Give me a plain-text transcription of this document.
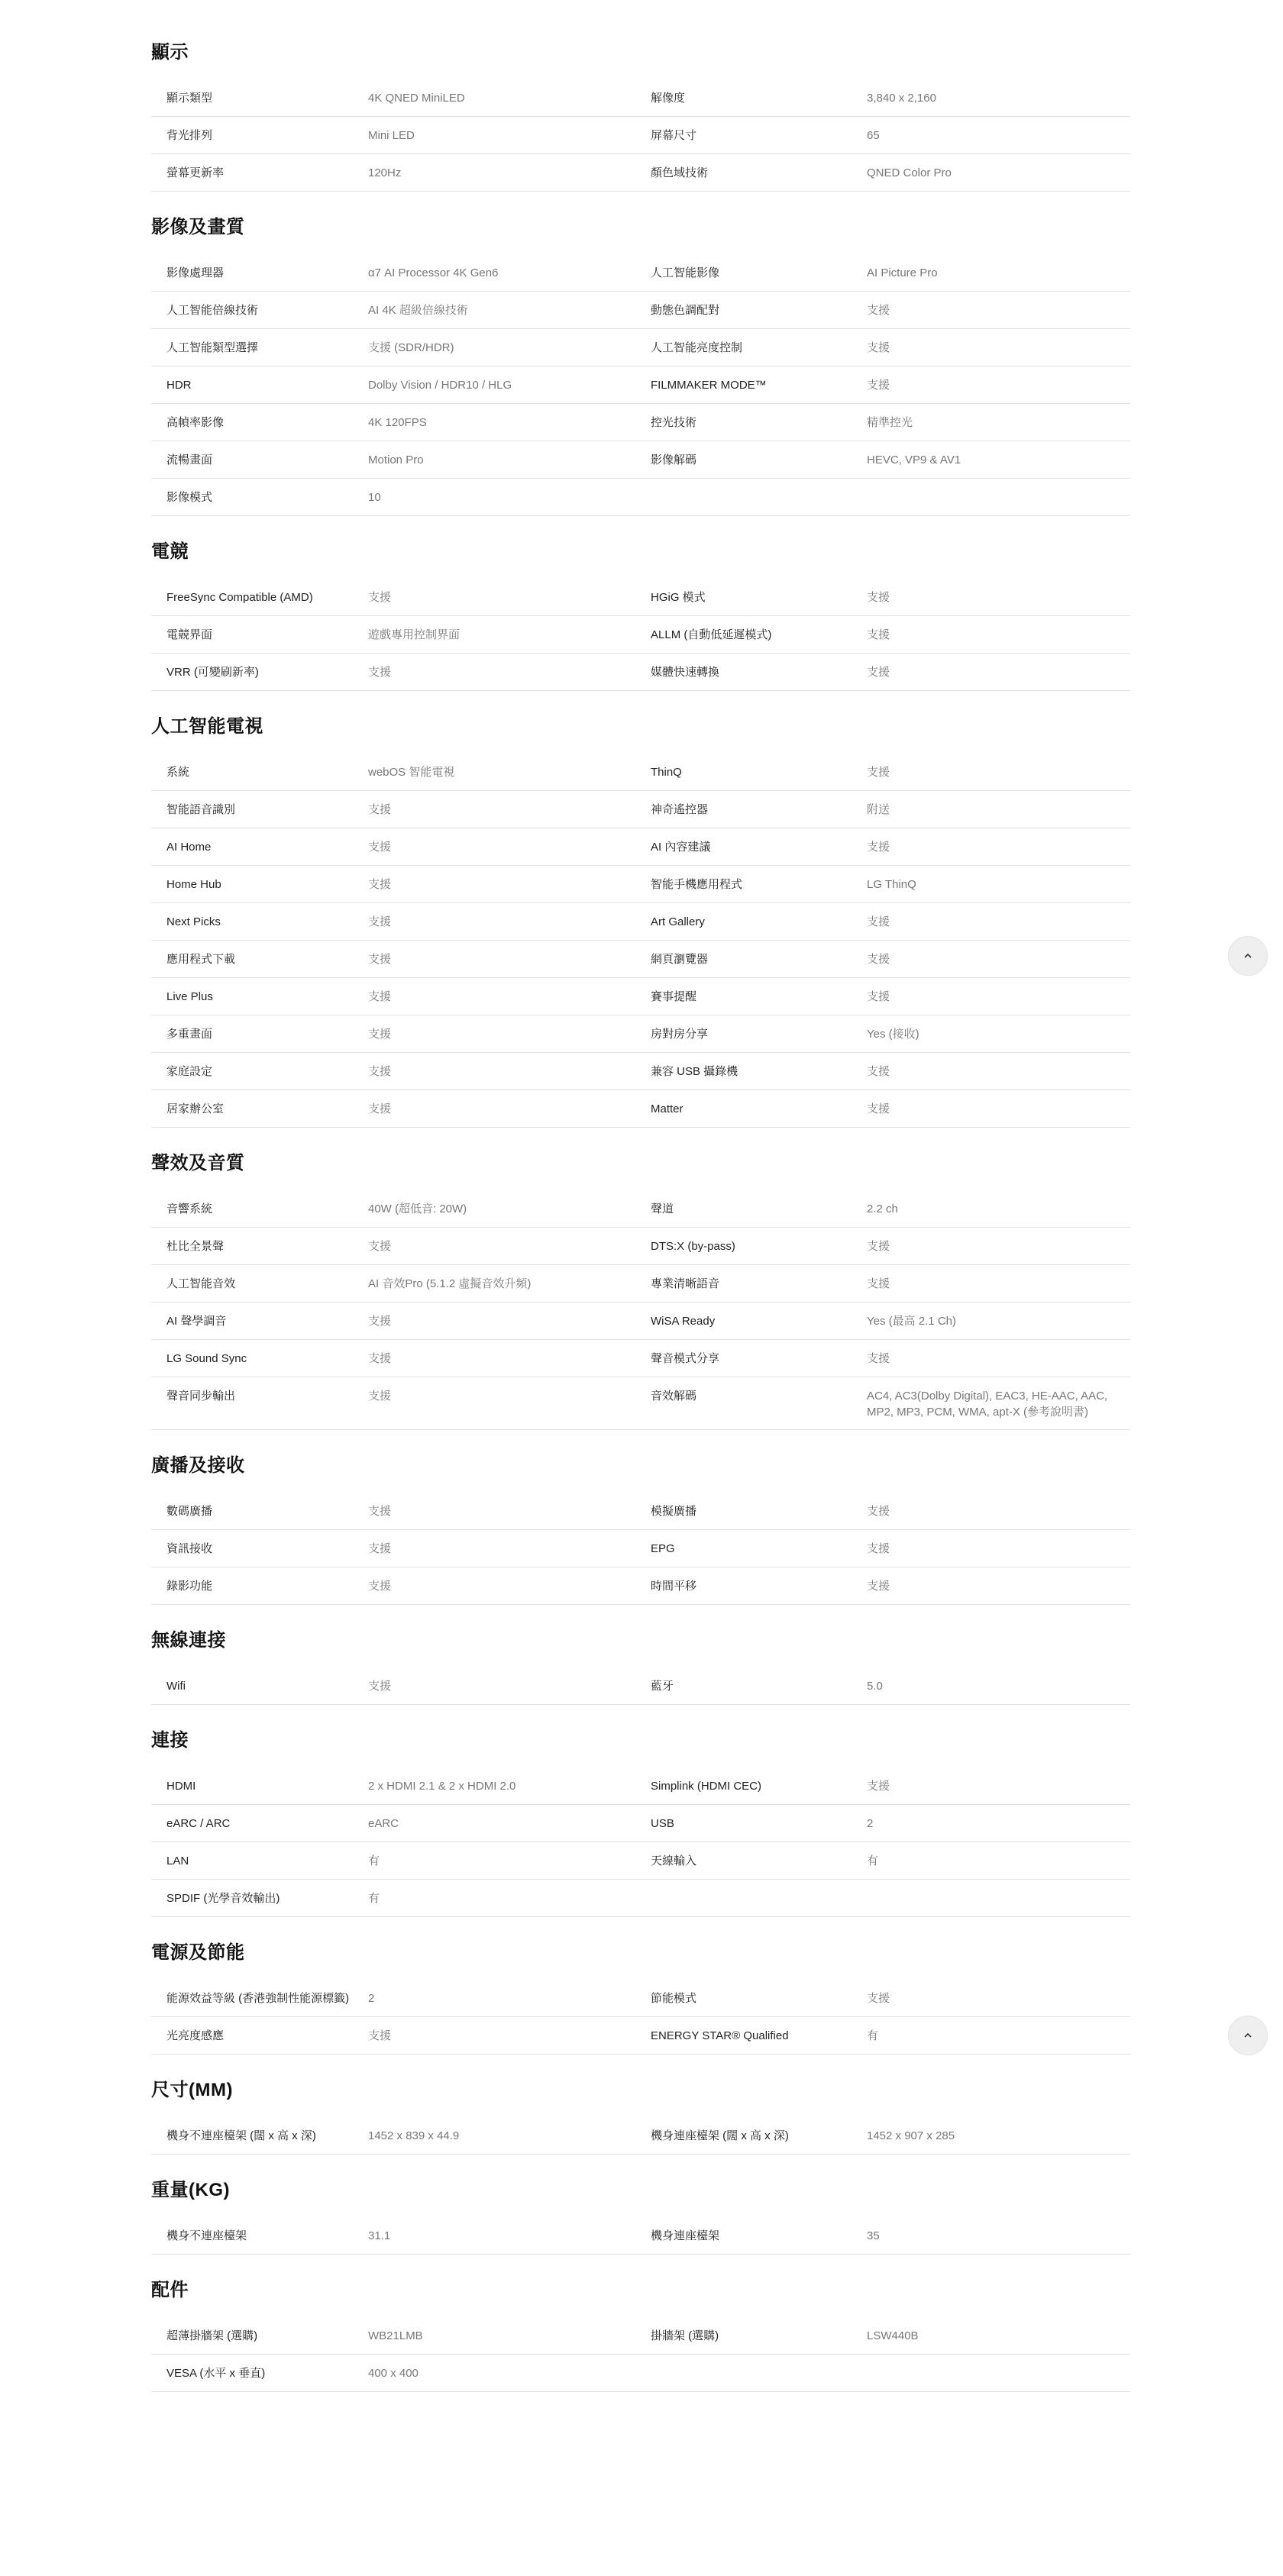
顯示
顯示類型	4K QNED MiniLED	解像度	3,840 x 2,160
背光排列	Mini LED	屏幕尺寸	65
螢幕更新率	120Hz	顏色域技術	QNED Color Pro
影像及畫質
影像處理器	α7 AI Processor 4K Gen6	人工智能影像	AI Picture Pro
人工智能倍線技術	AI 4K 超級倍線技術	動態色調配對	支援
人工智能類型選擇	支援 (SDR/HDR)	人工智能亮度控制	支援
HDR	Dolby Vision / HDR10 / HLG	FILMMAKER MODE™	支援
高幀率影像	4K 120FPS	控光技術	精準控光
流暢畫面	Motion Pro	影像解碼	HEVC, VP9 & AV1
影像模式	10
電競
FreeSync Compatible (AMD)	支援	HGiG 模式	支援
電競界面	遊戲專用控制界面	ALLM (自動低延遲模式)	支援
VRR (可變刷新率)	支援	媒體快速轉換	支援
人工智能電視
系統	webOS 智能電視	ThinQ	支援
智能語音識別	支援	神奇遙控器	附送
AI Home	支援	AI 內容建議	支援
Home Hub	支援	智能手機應用程式	LG ThinQ
Next Picks	支援	Art Gallery	支援
應用程式下載	支援	網頁瀏覽器	支援
Live Plus	支援	賽事提醒	支援
多重畫面	支援	房對房分享	Yes (接收)
家庭設定	支援	兼容 USB 攝錄機	支援
居家辦公室	支援	Matter	支援
聲效及音質
音響系統	40W (超低音: 20W)	聲道	2.2 ch
杜比全景聲	支援	DTS:X (by-pass)	支援
人工智能音效	AI 音效Pro (5.1.2 虛擬音效升頻)	專業清晰語音	支援
AI 聲學調音	支援	WiSA Ready	Yes (最高 2.1 Ch)
LG Sound Sync	支援	聲音模式分享	支援
聲音同步輸出	支援	音效解碼	AC4, AC3(Dolby Digital), EAC3, HE-AAC, AAC, MP2, MP3, PCM, WMA, apt-X (參考說明書)
廣播及接收
數碼廣播	支援	模擬廣播	支援
資訊接收	支援	EPG	支援
錄影功能	支援	時間平移	支援
無線連接
Wifi	支援	藍牙	5.0
連接
HDMI	2 x HDMI 2.1 & 2 x HDMI 2.0	Simplink (HDMI CEC)	支援
eARC / ARC	eARC	USB	2
LAN	有	天線輸入	有
SPDIF (光學音效輸出)	有
電源及節能
能源效益等級 (香港強制性能源標籤)	2	節能模式	支援
光亮度感應	支援	ENERGY STAR® Qualified	有
尺寸(MM)
機身不連座檯架 (闊 x 高 x 深)	1452 x 839 x 44.9	機身連座檯架 (闊 x 高 x 深)	1452 x 907 x 285
重量(KG)
機身不連座檯架	31.1	機身連座檯架	35
配件
超薄掛牆架 (選購)	WB21LMB	掛牆架 (選購)	LSW440B
VESA (水平 x 垂直)	400 x 400
